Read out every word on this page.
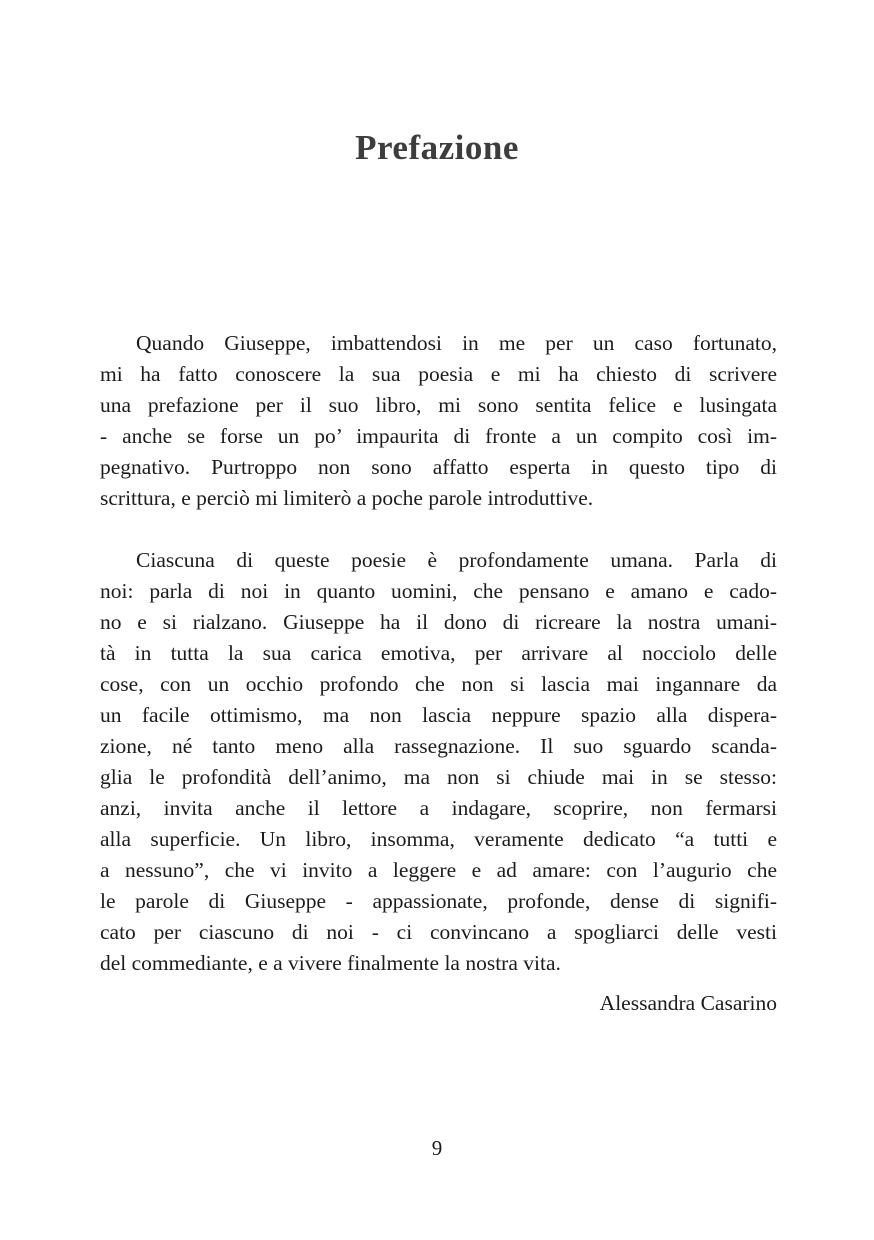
Prefazione

Quando Giuseppe, imbattendosi in me per un caso fortunato,
mi ha fatto conoscere la sua poesia e mi ha chiesto di scrivere
una prefazione per il suo libro, mi sono sentita felice e lusingata
- anche se forse un po’ impaurita di fronte a un compito così im-
pegnativo. Purtroppo non sono affatto esperta in questo tipo di
scrittura, e perciò mi limiterò a poche parole introduttive.

Ciascuna di queste poesie è profondamente umana. Parla di
noi: parla di noi in quanto uomini, che pensano e amano e cado-
no e si rialzano. Giuseppe ha il dono di ricreare la nostra umani-
tà in tutta la sua carica emotiva, per arrivare al nocciolo delle
cose, con un occhio profondo che non si lascia mai ingannare da
un facile ottimismo, ma non lascia neppure spazio alla dispera-
zione, né tanto meno alla rassegnazione. Il suo sguardo scanda-
glia le profondità dell’animo, ma non si chiude mai in se stesso:
anzi, invita anche il lettore a indagare, scoprire, non fermarsi
alla superficie. Un libro, insomma, veramente dedicato “a tutti e
a nessuno”, che vi invito a leggere e ad amare: con l’augurio che
le parole di Giuseppe - appassionate, profonde, dense di signifi-
cato per ciascuno di noi - ci convincano a spogliarci delle vesti
del commediante, e a vivere finalmente la nostra vita.

Alessandra Casarino
9
